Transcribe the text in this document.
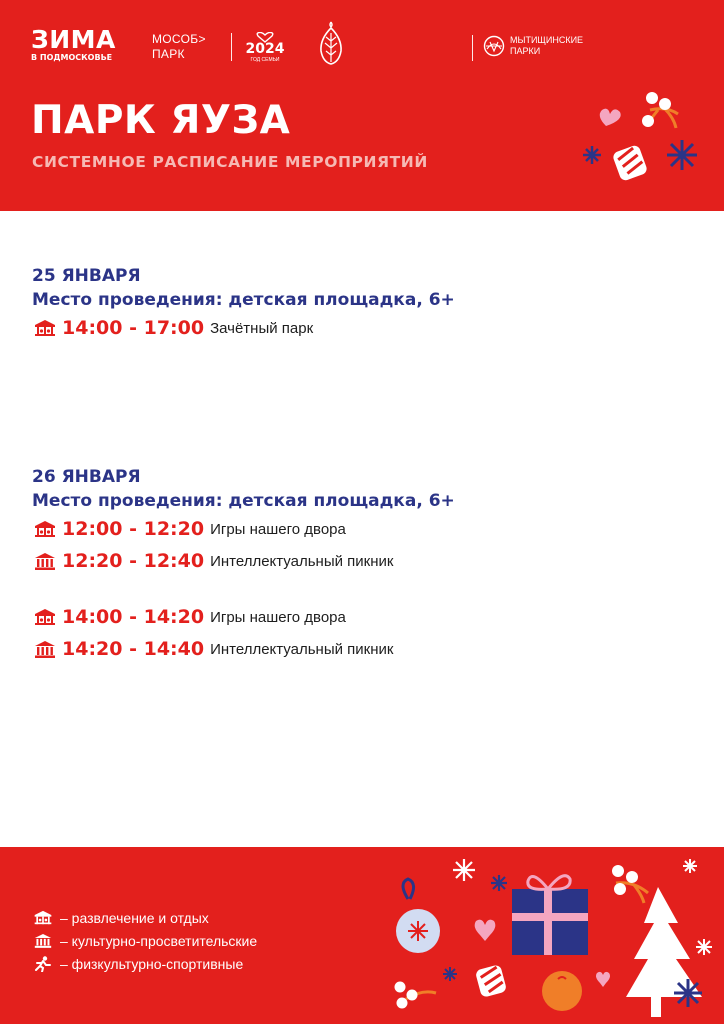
ЗИМА
В ПОДМОСКОВЬЕ
МОСОБ>
ПАРК	2024
ГОД СЕМЬИ
МЫТИЩИНСКИЕ
ПАРКИ
ПАРК ЯУЗА
СИСТЕМНОЕ РАСПИСАНИЕ МЕРОПРИЯТИЙ
25 ЯНВАРЯ
Место проведения: детская площадка, 6+
14:00 - 17:00 Зачётный парк
26 ЯНВАРЯ
Место проведения: детская площадка, 6+
12:00 - 12:20 Игры нашего двора
12:20 - 12:40 Интеллектуальный пикник
14:00 - 14:20 Игры нашего двора
14:20 - 14:40 Интеллектуальный пикник
– развлечение и отдых
– культурно-просветительские
– физкультурно-спортивные
